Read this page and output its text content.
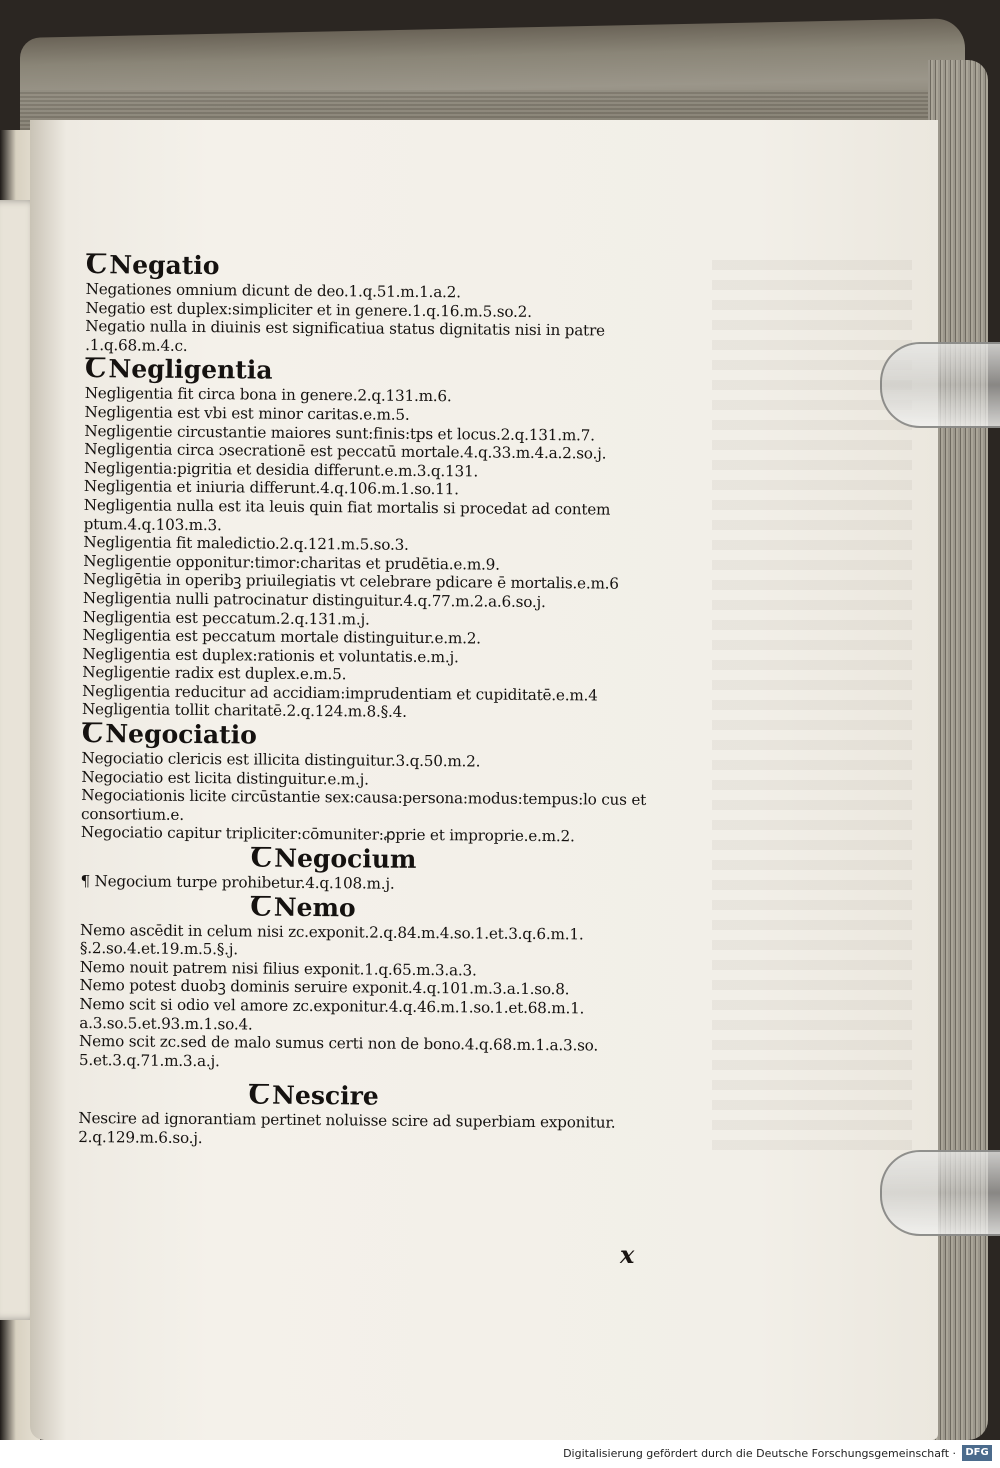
ꞆNegatio
Negationes omnium dicunt de deo.1.q.51.m.1.a.2.
Negatio est duplex:simpliciter et in genere.1.q.16.m.5.so.2.
Negatio nulla in diuinis est significatiua status dignitatis nisi in patre .1.q.68.m.4.c.
ꞆNegligentia
Negligentia fit circa bona in genere.2.q.131.m.6.
Negligentia est vbi est minor caritas.e.m.5.
Negligentie circustantie maiores sunt:finis:tps et locus.2.q.131.m.7.
Negligentia circa ɔsecrationē est peccatū mortale.4.q.33.m.4.a.2.so.j.
Negligentia:pigritia et desidia differunt.e.m.3.q.131.
Negligentia et iniuria differunt.4.q.106.m.1.so.11.
Negligentia nulla est ita leuis quin fiat mortalis si procedat ad contem ptum.4.q.103.m.3.
Negligentia fit maledictio.2.q.121.m.5.so.3.
Negligentie opponitur:timor:charitas et prudētia.e.m.9.
Negligētia in operibꝫ priuilegiatis vt celebrare pdicare ē mortalis.e.m.6
Negligentia nulli patrocinatur distinguitur.4.q.77.m.2.a.6.so.j.
Negligentia est peccatum.2.q.131.m.j.
Negligentia est peccatum mortale distinguitur.e.m.2.
Negligentia est duplex:rationis et voluntatis.e.m.j.
Negligentie radix est duplex.e.m.5.
Negligentia reducitur ad accidiam:imprudentiam et cupiditatē.e.m.4
Negligentia tollit charitatē.2.q.124.m.8.§.4.
ꞆNegociatio
Negociatio clericis est illicita distinguitur.3.q.50.m.2.
Negociatio est licita distinguitur.e.m.j.
Negociationis licite circūstantie sex:causa:persona:modus:tempus:lo cus et consortium.e.
Negociatio capitur tripliciter:cōmuniter:ꝓprie et improprie.e.m.2.
ꞆNegocium
¶ Negocium turpe prohibetur.4.q.108.m.j.
ꞆNemo
Nemo ascēdit in celum nisi zc.exponit.2.q.84.m.4.so.1.et.3.q.6.m.1. §.2.so.4.et.19.m.5.§.j.
Nemo nouit patrem nisi filius exponit.1.q.65.m.3.a.3.
Nemo potest duobꝫ dominis seruire exponit.4.q.101.m.3.a.1.so.8.
Nemo scit si odio vel amore zc.exponitur.4.q.46.m.1.so.1.et.68.m.1. a.3.so.5.et.93.m.1.so.4.
Nemo scit zc.sed de malo sumus certi non de bono.4.q.68.m.1.a.3.so. 5.et.3.q.71.m.3.a.j.
ꞆNescire
Nescire ad ignorantiam pertinet noluisse scire ad superbiam exponitur. 2.q.129.m.6.so.j.
x
Digitalisierung gefördert durch die Deutsche Forschungsgemeinschaft · DFG
